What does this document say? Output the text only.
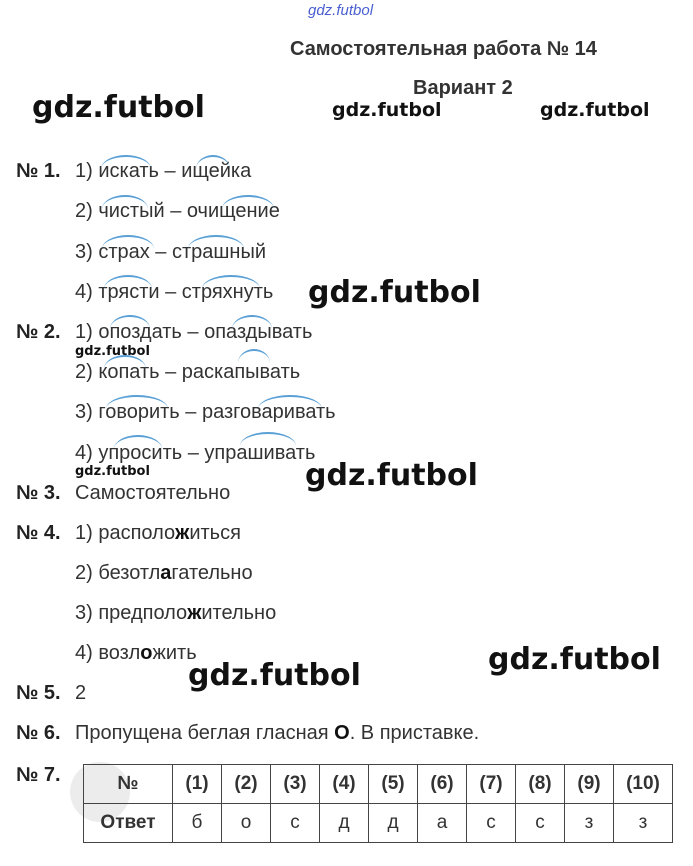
gdz.futbol
gdz.futbol	gdz.futbol	gdz.futbol
gdz.futbol
gdz.futbol
gdz.futbol
gdz.futbol
gdz.futbol
gdz.futbol
Самостоятельная работа № 14
Вариант 2
№ 1. 1) искать – ищейка
2) чистый – очищение
3) страх – страшный
4) трясти – стряхнуть
№ 2. 1) опоздать – опаздывать
2) копать – раскапывать
3) говорить – разговаривать
4) упросить – упрашивать
№ 3. Самостоятельно
№ 4. 1) расположиться
2) безотлагательно
3) предположительно
4) возложить
№ 5. 2
№ 6. Пропущена беглая гласная О. В приставке.
№ 7.	№	(1)	(2)	(3)	(4)	(5)	(6)	(7)	(8)	(9)	(10)
Ответ	б	о	с	д	д	а	с	с	з	з
